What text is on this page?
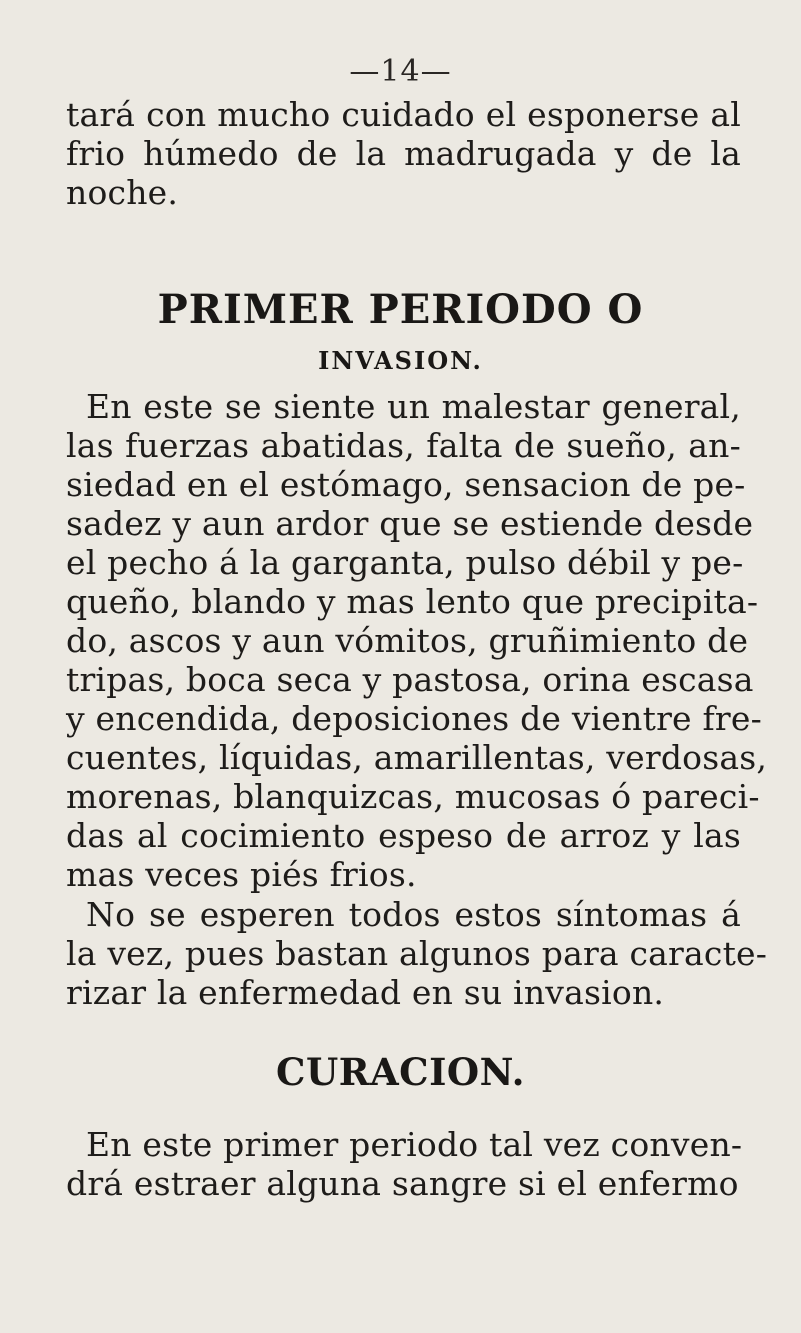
—14—
tará con mucho cuidado el esponerse al
frio húmedo de la madrugada y de la
noche.
PRIMER PERIODO O
INVASION.
En este se siente un malestar general,
las fuerzas abatidas, falta de sueño, an-
siedad en el estómago, sensacion de pe-
sadez y aun ardor que se estiende desde
el pecho á la garganta, pulso débil y pe-
queño, blando y mas lento que precipita-
do, ascos y aun vómitos, gruñimiento de
tripas, boca seca y pastosa, orina escasa
y encendida, deposiciones de vientre fre-
cuentes, líquidas, amarillentas, verdosas,
morenas, blanquizcas, mucosas ó pareci-
das al cocimiento espeso de arroz y las
mas veces piés frios.
No se esperen todos estos síntomas á
la vez, pues bastan algunos para caracte-
rizar la enfermedad en su invasion.
CURACION.
En este primer periodo tal vez conven-
drá estraer alguna sangre si el enfermo
